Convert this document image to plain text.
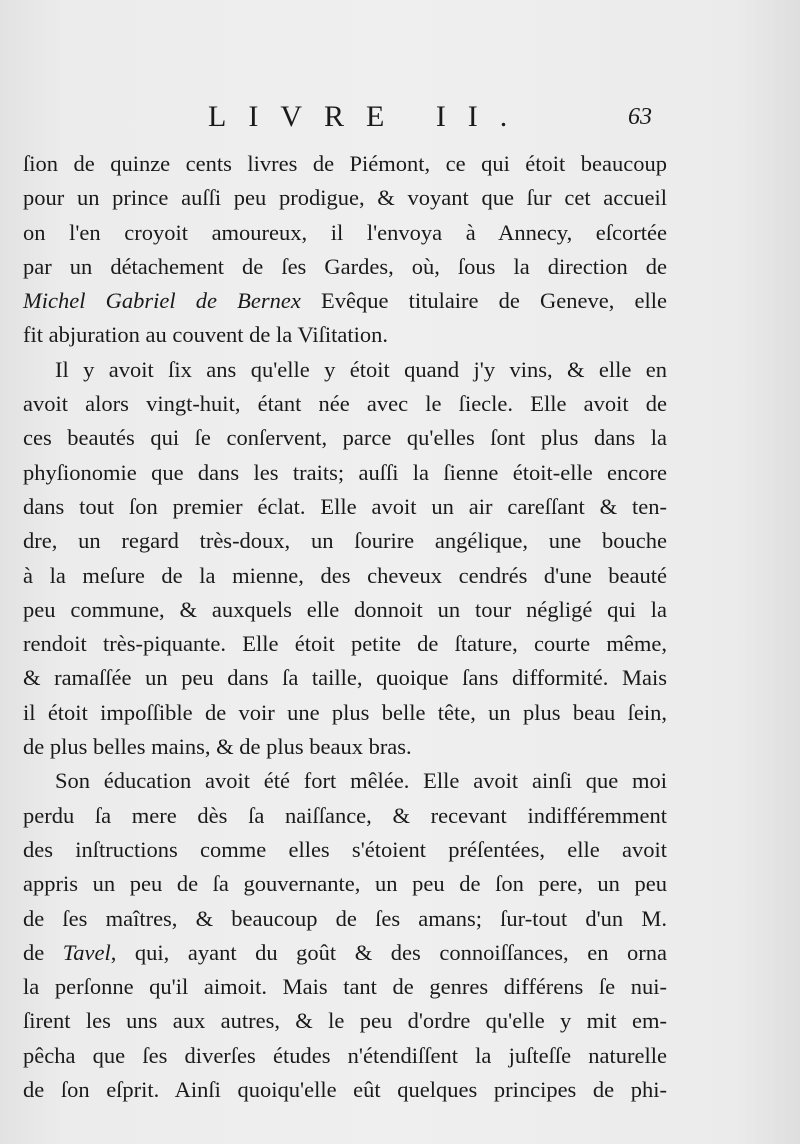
LIVRE II.	63
ſion de quinze cents livres de Piémont, ce qui étoit beaucoup
pour un prince auſſi peu prodigue, & voyant que ſur cet accueil
on l'en croyoit amoureux, il l'envoya à Annecy, eſcortée
par un détachement de ſes Gardes, où, ſous la direction de
Michel Gabriel de Bernex Evêque titulaire de Geneve, elle
fit abjuration au couvent de la Viſitation.
Il y avoit ſix ans qu'elle y étoit quand j'y vins, & elle en
avoit alors vingt-huit, étant née avec le ſiecle. Elle avoit de
ces beautés qui ſe conſervent, parce qu'elles ſont plus dans la
phyſionomie que dans les traits; auſſi la ſienne étoit-elle encore
dans tout ſon premier éclat. Elle avoit un air careſſant & ten-
dre, un regard très-doux, un ſourire angélique, une bouche
à la meſure de la mienne, des cheveux cendrés d'une beauté
peu commune, & auxquels elle donnoit un tour négligé qui la
rendoit très-piquante. Elle étoit petite de ſtature, courte même,
& ramaſſée un peu dans ſa taille, quoique ſans difformité. Mais
il étoit impoſſible de voir une plus belle tête, un plus beau ſein,
de plus belles mains, & de plus beaux bras.
Son éducation avoit été fort mêlée. Elle avoit ainſi que moi
perdu ſa mere dès ſa naiſſance, & recevant indifféremment
des inſtructions comme elles s'étoient préſentées, elle avoit
appris un peu de ſa gouvernante, un peu de ſon pere, un peu
de ſes maîtres, & beaucoup de ſes amans; ſur-tout d'un M.
de Tavel, qui, ayant du goût & des connoiſſances, en orna
la perſonne qu'il aimoit. Mais tant de genres différens ſe nui-
ſirent les uns aux autres, & le peu d'ordre qu'elle y mit em-
pêcha que ſes diverſes études n'étendiſſent la juſteſſe naturelle
de ſon eſprit. Ainſi quoiqu'elle eût quelques principes de phi-
